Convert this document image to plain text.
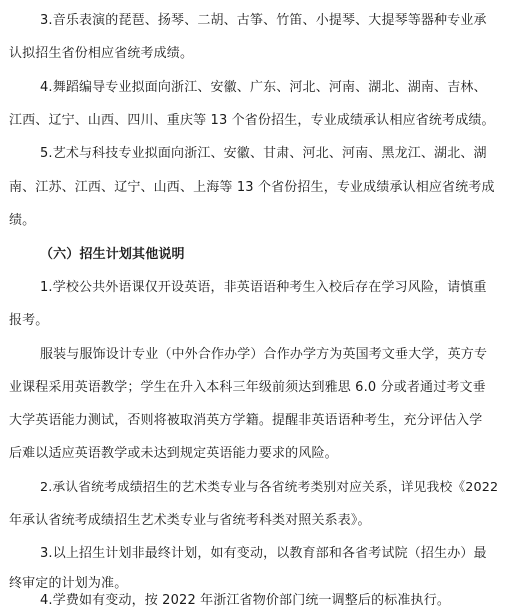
3.音乐表演的琵琶、扬琴、二胡、古筝、竹笛、小提琴、大提琴等器种专业承
认拟招生省份相应省统考成绩。
4.舞蹈编导专业拟面向浙江、安徽、广东、河北、河南、湖北、湖南、吉林、
江西、辽宁、山西、四川、重庆等 13 个省份招生，专业成绩承认相应省统考成绩。
5.艺术与科技专业拟面向浙江、安徽、甘肃、河北、河南、黑龙江、湖北、湖
南、江苏、江西、辽宁、山西、上海等 13 个省份招生，专业成绩承认相应省统考成
绩。
（六）招生计划其他说明
1.学校公共外语课仅开设英语，非英语语种考生入校后存在学习风险，请慎重
报考。
服装与服饰设计专业（中外合作办学）合作办学方为英国考文垂大学，英方专
业课程采用英语教学；学生在升入本科三年级前须达到雅思 6.0 分或者通过考文垂
大学英语能力测试，否则将被取消英方学籍。提醒非英语语种考生，充分评估入学
后难以适应英语教学或未达到规定英语能力要求的风险。
2.承认省统考成绩招生的艺术类专业与各省统考类别对应关系，详见我校《2022
年承认省统考成绩招生艺术类专业与省统考科类对照关系表》。
3.以上招生计划非最终计划，如有变动，以教育部和各省考试院（招生办）最
终审定的计划为准。
4.学费如有变动，按 2022 年浙江省物价部门统一调整后的标准执行。
